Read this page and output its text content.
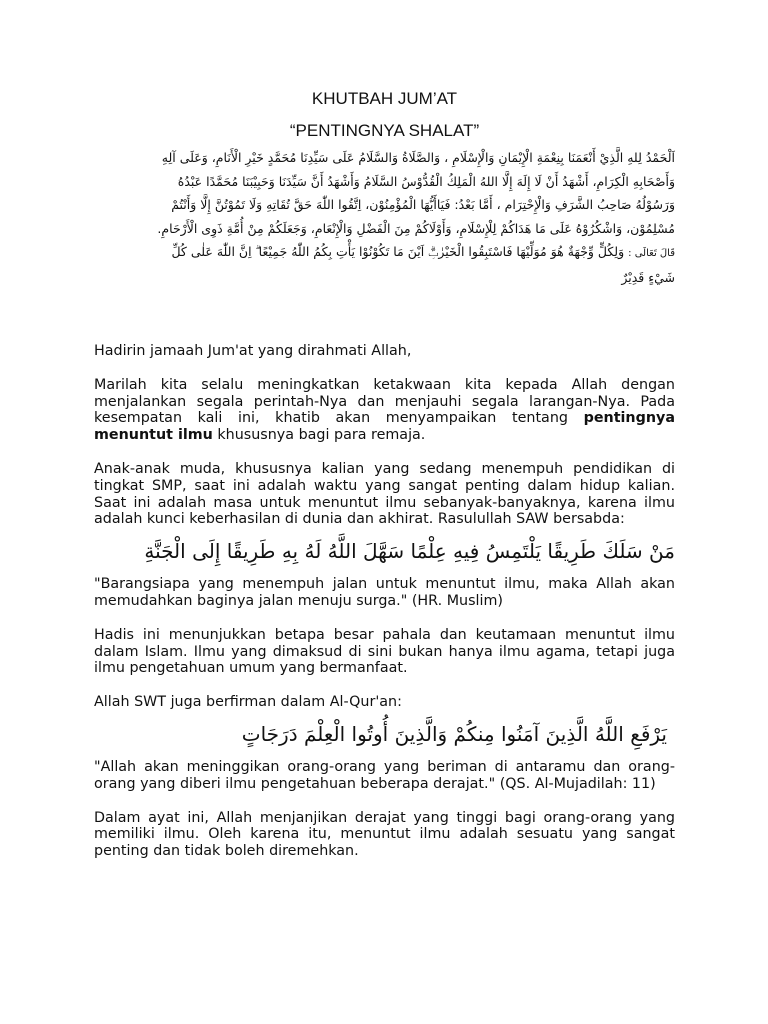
KHUTBAH JUM’AT

“PENTINGNYA SHALAT”

اَلْحَمْدُ لِلهِ الَّذِيْ أَنْعَمَنَا بِنِعْمَةِ الْإِيْمَانِ وَالْإِسْلَامِ ، وَالصَّلَاةُ وَالسَّلَامُ عَلَى سَيِّدِنَا مُحَمَّدٍ خَيْرِ الْأَنَامِ، وَعَلَى آلِهِ

وَأَصْحَابِهِ الْكِرَامِ، أَشْهَدُ أَنْ لَا إِلَهَ إِلَّا اللهُ الْمَلِكُ الْقُدُّوْسُ السَّلَامُ وَأَشْهَدُ أَنَّ سَيِّدَنَا وَحَبِيْبَنَا مُحَمَّدًا عَبْدُهُ

وَرَسُوْلُهُ صَاحِبُ الشَّرَفِ وَالْإِحْتِرَام ، أَمَّا بَعْدُ: فَيَاأَيُّهَا الْمُؤْمِنُوْن، اِتَّقُوا اللّٰهَ حَقَّ تُقَاتِهِ وَلَا تَمُوْتُنَّ إِلَّا وَأَنْتُمْ

مُسْلِمُوْن، وَاشْكُرُوْهُ عَلَى مَا هَدَاكُمْ لِلْإِسْلَامِ، وَأَوْلَاكُمْ مِنَ الْفَضْلِ وَالْإِنْعَامِ، وَجَعَلَكُمْ مِنْ أُمَّةِ ذَوِى الْأَرْحَامِ.

قَالَ تَعَالَى : وَلِكُلٍّ وِّجْهَةٌ هُوَ مُوَلِّيْهَا فَاسْتَبِقُوا الْخَيْرٰتِۗ اَيْنَ مَا تَكُوْنُوْا يَأْتِ بِكُمُ اللّٰهُ جَمِيْعًا ۗ اِنَّ اللّٰهَ عَلٰى كُلِّ

شَيْءٍ قَدِيْرٌ

Hadirin jamaah Jum'at yang dirahmati Allah,

Marilah kita selalu meningkatkan ketakwaan kita kepada Allah dengan menjalankan segala perintah-Nya dan menjauhi segala larangan-Nya. Pada kesempatan kali ini, khatib akan menyampaikan tentang pentingnya menuntut ilmu khususnya bagi para remaja.

Anak-anak muda, khususnya kalian yang sedang menempuh pendidikan di tingkat SMP, saat ini adalah waktu yang sangat penting dalam hidup kalian. Saat ini adalah masa untuk menuntut ilmu sebanyak-banyaknya, karena ilmu adalah kunci keberhasilan di dunia dan akhirat. Rasulullah SAW bersabda:

مَنْ سَلَكَ طَرِيقًا يَلْتَمِسُ فِيهِ عِلْمًا سَهَّلَ اللَّهُ لَهُ بِهِ طَرِيقًا إِلَى الْجَنَّةِ

"Barangsiapa yang menempuh jalan untuk menuntut ilmu, maka Allah akan memudahkan baginya jalan menuju surga." (HR. Muslim)

Hadis ini menunjukkan betapa besar pahala dan keutamaan menuntut ilmu dalam Islam. Ilmu yang dimaksud di sini bukan hanya ilmu agama, tetapi juga ilmu pengetahuan umum yang bermanfaat.

Allah SWT juga berfirman dalam Al-Qur'an:

يَرْفَعِ اللَّهُ الَّذِينَ آمَنُوا مِنكُمْ وَالَّذِينَ أُوتُوا الْعِلْمَ دَرَجَاتٍ

"Allah akan meninggikan orang-orang yang beriman di antaramu dan orang-orang yang diberi ilmu pengetahuan beberapa derajat." (QS. Al-Mujadilah: 11)

Dalam ayat ini, Allah menjanjikan derajat yang tinggi bagi orang-orang yang memiliki ilmu. Oleh karena itu, menuntut ilmu adalah sesuatu yang sangat penting dan tidak boleh diremehkan.
